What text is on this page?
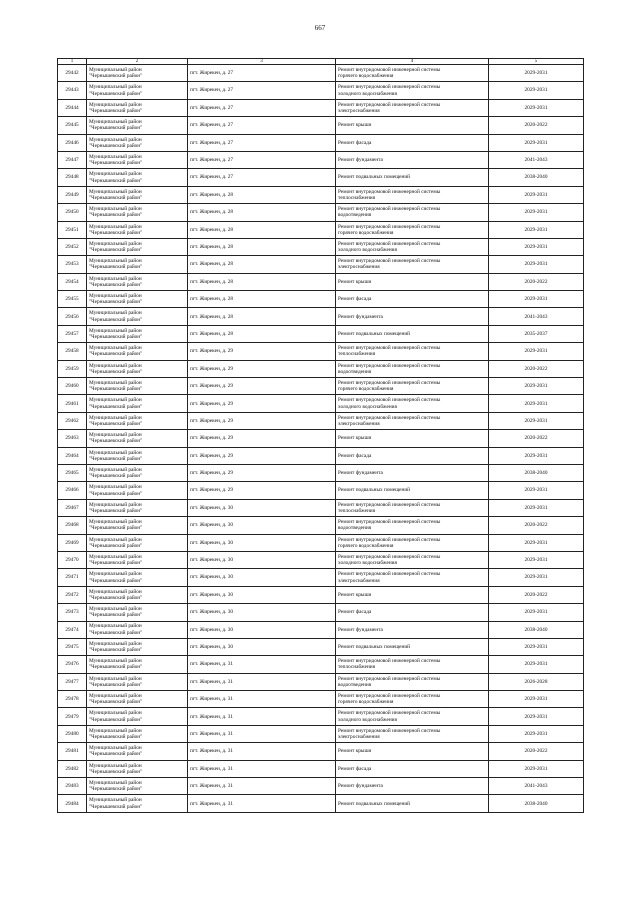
667
1	2	3	4	5
29442	Муниципальный район
"Чернышевский район"	пгт. Жирекен, д. 27	Ремонт внутридомовой инженерной системы
горячего водоснабжения	2029-2031
29443	Муниципальный район
"Чернышевский район"	пгт. Жирекен, д. 27	Ремонт внутридомовой инженерной системы
холодного водоснабжения	2029-2031
29444	Муниципальный район
"Чернышевский район"	пгт. Жирекен, д. 27	Ремонт внутридомовой инженерной системы
электроснабжения	2029-2031
29445	Муниципальный район
"Чернышевский район"	пгт. Жирекен, д. 27	Ремонт крыши	2020-2022
29446	Муниципальный район
"Чернышевский район"	пгт. Жирекен, д. 27	Ремонт фасада	2029-2031
29447	Муниципальный район
"Чернышевский район"	пгт. Жирекен, д. 27	Ремонт фундамента	2041-2043
29448	Муниципальный район
"Чернышевский район"	пгт. Жирекен, д. 27	Ремонт подвальных помещений	2038-2040
29449	Муниципальный район
"Чернышевский район"	пгт. Жирекен, д. 28	Ремонт внутридомовой инженерной системы
теплоснабжения	2029-2031
29450	Муниципальный район
"Чернышевский район"	пгт. Жирекен, д. 28	Ремонт внутридомовой инженерной системы
водоотведения	2029-2031
29451	Муниципальный район
"Чернышевский район"	пгт. Жирекен, д. 28	Ремонт внутридомовой инженерной системы
горячего водоснабжения	2029-2031
29452	Муниципальный район
"Чернышевский район"	пгт. Жирекен, д. 28	Ремонт внутридомовой инженерной системы
холодного водоснабжения	2029-2031
29453	Муниципальный район
"Чернышевский район"	пгт. Жирекен, д. 28	Ремонт внутридомовой инженерной системы
электроснабжения	2029-2031
29454	Муниципальный район
"Чернышевский район"	пгт. Жирекен, д. 28	Ремонт крыши	2020-2022
29455	Муниципальный район
"Чернышевский район"	пгт. Жирекен, д. 28	Ремонт фасада	2029-2031
29456	Муниципальный район
"Чернышевский район"	пгт. Жирекен, д. 28	Ремонт фундамента	2041-2043
29457	Муниципальный район
"Чернышевский район"	пгт. Жирекен, д. 28	Ремонт подвальных помещений	2035-2037
29458	Муниципальный район
"Чернышевский район"	пгт. Жирекен, д. 29	Ремонт внутридомовой инженерной системы
теплоснабжения	2029-2031
29459	Муниципальный район
"Чернышевский район"	пгт. Жирекен, д. 29	Ремонт внутридомовой инженерной системы
водоотведения	2020-2022
29460	Муниципальный район
"Чернышевский район"	пгт. Жирекен, д. 29	Ремонт внутридомовой инженерной системы
горячего водоснабжения	2029-2031
29461	Муниципальный район
"Чернышевский район"	пгт. Жирекен, д. 29	Ремонт внутридомовой инженерной системы
холодного водоснабжения	2029-2031
29462	Муниципальный район
"Чернышевский район"	пгт. Жирекен, д. 29	Ремонт внутридомовой инженерной системы
электроснабжения	2029-2031
29463	Муниципальный район
"Чернышевский район"	пгт. Жирекен, д. 29	Ремонт крыши	2020-2022
29464	Муниципальный район
"Чернышевский район"	пгт. Жирекен, д. 29	Ремонт фасада	2029-2031
29465	Муниципальный район
"Чернышевский район"	пгт. Жирекен, д. 29	Ремонт фундамента	2038-2040
29466	Муниципальный район
"Чернышевский район"	пгт. Жирекен, д. 29	Ремонт подвальных помещений	2029-2031
29467	Муниципальный район
"Чернышевский район"	пгт. Жирекен, д. 30	Ремонт внутридомовой инженерной системы
теплоснабжения	2029-2031
29468	Муниципальный район
"Чернышевский район"	пгт. Жирекен, д. 30	Ремонт внутридомовой инженерной системы
водоотведения	2020-2022
29469	Муниципальный район
"Чернышевский район"	пгт. Жирекен, д. 30	Ремонт внутридомовой инженерной системы
горячего водоснабжения	2029-2031
29470	Муниципальный район
"Чернышевский район"	пгт. Жирекен, д. 30	Ремонт внутридомовой инженерной системы
холодного водоснабжения	2029-2031
29471	Муниципальный район
"Чернышевский район"	пгт. Жирекен, д. 30	Ремонт внутридомовой инженерной системы
электроснабжения	2029-2031
29472	Муниципальный район
"Чернышевский район"	пгт. Жирекен, д. 30	Ремонт крыши	2020-2022
29473	Муниципальный район
"Чернышевский район"	пгт. Жирекен, д. 30	Ремонт фасада	2029-2031
29474	Муниципальный район
"Чернышевский район"	пгт. Жирекен, д. 30	Ремонт фундамента	2038-2040
29475	Муниципальный район
"Чернышевский район"	пгт. Жирекен, д. 30	Ремонт подвальных помещений	2029-2031
29476	Муниципальный район
"Чернышевский район"	пгт. Жирекен, д. 31	Ремонт внутридомовой инженерной системы
теплоснабжения	2029-2031
29477	Муниципальный район
"Чернышевский район"	пгт. Жирекен, д. 31	Ремонт внутридомовой инженерной системы
водоотведения	2026-2028
29478	Муниципальный район
"Чернышевский район"	пгт. Жирекен, д. 31	Ремонт внутридомовой инженерной системы
горячего водоснабжения	2029-2031
29479	Муниципальный район
"Чернышевский район"	пгт. Жирекен, д. 31	Ремонт внутридомовой инженерной системы
холодного водоснабжения	2029-2031
29480	Муниципальный район
"Чернышевский район"	пгт. Жирекен, д. 31	Ремонт внутридомовой инженерной системы
электроснабжения	2029-2031
29481	Муниципальный район
"Чернышевский район"	пгт. Жирекен, д. 31	Ремонт крыши	2020-2022
29482	Муниципальный район
"Чернышевский район"	пгт. Жирекен, д. 31	Ремонт фасада	2029-2031
29483	Муниципальный район
"Чернышевский район"	пгт. Жирекен, д. 31	Ремонт фундамента	2041-2043
29484	Муниципальный район
"Чернышевский район"	пгт. Жирекен, д. 31	Ремонт подвальных помещений	2038-2040
